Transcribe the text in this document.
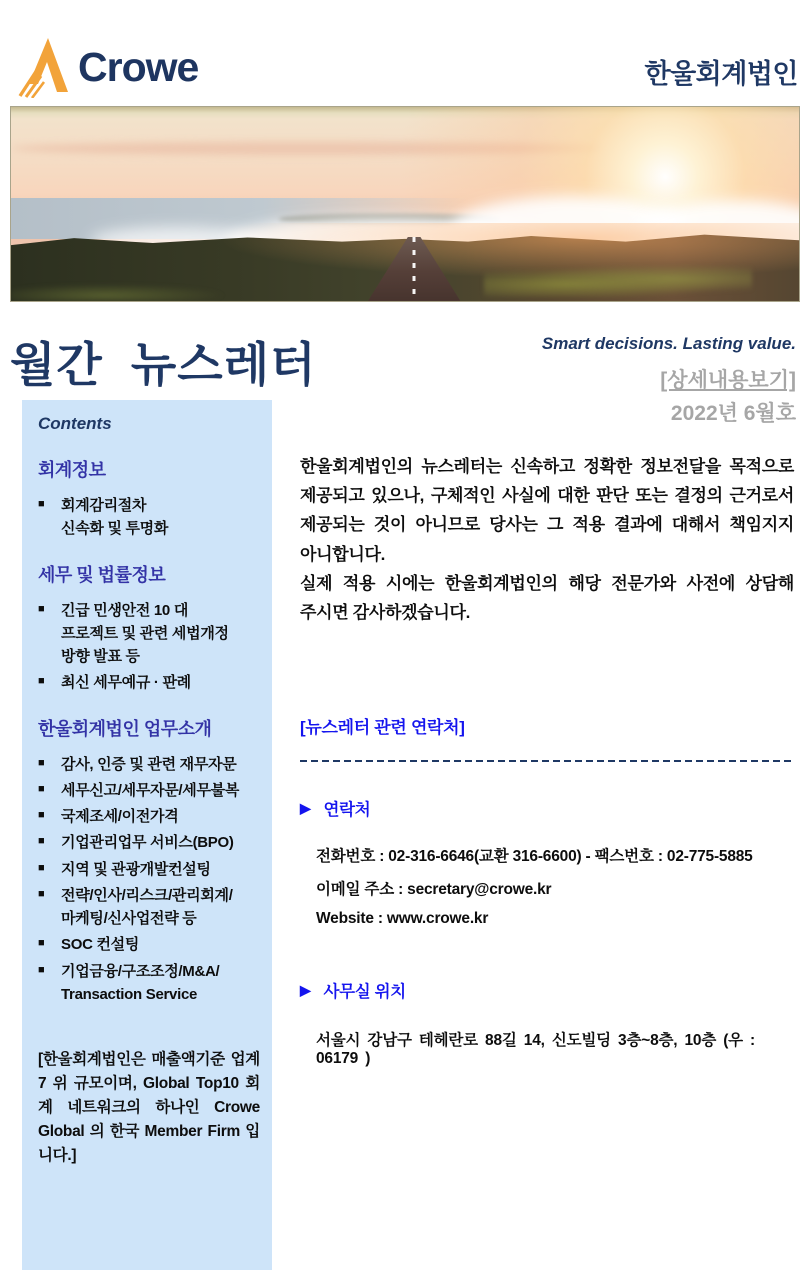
Crowe	한울회계법인
월간 뉴스레터	Smart decisions. Lasting value.
[상세내용보기]
2022년 6월호
Contents
회계정보
■	회계감리절차
신속화 및 투명화
세무 및 법률정보
■	긴급 민생안전 10 대
프로젝트 및 관련 세법개정
방향 발표 등
■	최신 세무예규 · 판례
한울회계법인 업무소개
■	감사, 인증 및 관련 재무자문
■	세무신고/세무자문/세무불복
■	국제조세/이전가격
■	기업관리업무 서비스(BPO)
■	지역 및 관광개발컨설팅
■	전략/인사/리스크/관리회계/
마케팅/신사업전략 등
■	SOC 컨설팅
■	기업금융/구조조정/M&A/
Transaction Service
[한울회계법인은 매출액기준 업계 7 위 규모이며, Global Top10 회계 네트워크의 하나인 Crowe Global 의 한국 Member Firm 입니다.]

한울회계법인의 뉴스레터는 신속하고 정확한 정보전달을 목적으로 제공되고 있으나, 구체적인 사실에 대한 판단 또는 결정의 근거로서 제공되는 것이 아니므로 당사는 그 적용 결과에 대해서 책임지지 아니합니다.

실제 적용 시에는 한울회계법인의 해당 전문가와 사전에 상담해 주시면 감사하겠습니다.

[뉴스레터 관련 연락처]
▶ 연락처
전화번호 : 02-316-6646(교환 316-6600) - 팩스번호 : 02-775-5885
이메일 주소 : secretary@crowe.kr
Website : www.crowe.kr
▶ 사무실 위치
서울시 강남구 테헤란로 88길 14, 신도빌딩 3층~8층, 10층 (우 : 06179 )
